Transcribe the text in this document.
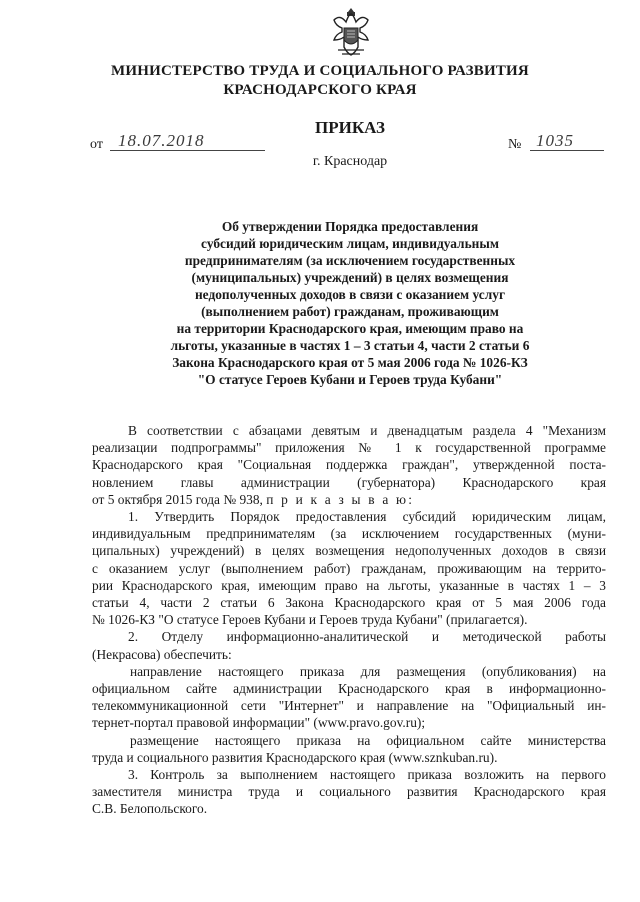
МИНИСТЕРСТВО ТРУДА И СОЦИАЛЬНОГО РАЗВИТИЯ
КРАСНОДАРСКОГО КРАЯ
ПРИКАЗ
от 18.07.2018	№ 1035
г. Краснодар
Об утверждении Порядка предоставления
субсидий юридическим лицам, индивидуальным
предпринимателям (за исключением государственных
(муниципальных) учреждений) в целях возмещения
недополученных доходов в связи с оказанием услуг
(выполнением работ) гражданам, проживающим
на территории Краснодарского края, имеющим право на
льготы, указанные в частях 1 – 3 статьи 4, части 2 статьи 6
Закона Краснодарского края от 5 мая 2006 года № 1026-КЗ
"О статусе Героев Кубани и Героев труда Кубани"
В соответствии с абзацами девятым и двенадцатым раздела 4 "Механизм
реализации подпрограммы" приложения № 1 к государственной программе
Краснодарского края "Социальная поддержка граждан", утвержденной поста-
новлением главы администрации (губернатора) Краснодарского края
от 5 октября 2015 года № 938, п р и к а з ы в а ю:
1. Утвердить Порядок предоставления субсидий юридическим лицам,
индивидуальным предпринимателям (за исключением государственных (муни-
ципальных) учреждений) в целях возмещения недополученных доходов в связи
с оказанием услуг (выполнением работ) гражданам, проживающим на террито-
рии Краснодарского края, имеющим право на льготы, указанные в частях 1 – 3
статьи 4, части 2 статьи 6 Закона Краснодарского края от 5 мая 2006 года
№ 1026-КЗ "О статусе Героев Кубани и Героев труда Кубани" (прилагается).
2. Отделу информационно-аналитической и методической работы
(Некрасова) обеспечить:
направление настоящего приказа для размещения (опубликования) на
официальном сайте администрации Краснодарского края в информационно-
телекоммуникационной сети "Интернет" и направление на "Официальный ин-
тернет-портал правовой информации" (www.pravo.gov.ru);
размещение настоящего приказа на официальном сайте министерства
труда и социального развития Краснодарского края (www.sznkuban.ru).
3. Контроль за выполнением настоящего приказа возложить на первого
заместителя министра труда и социального развития Краснодарского края
С.В. Белопольского.
